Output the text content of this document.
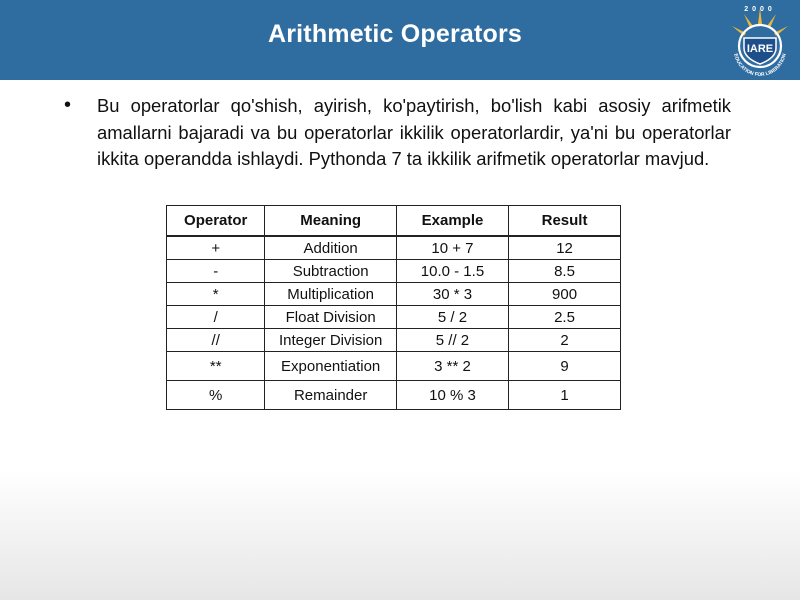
Arithmetic Operators
2000
IARE
EDUCATION FOR LIBERATION
• Bu operatorlar qo'shish, ayirish, ko'paytirish, bo'lish kabi asosiy arifmetik amallarni bajaradi va bu operatorlar ikkilik operatorlardir, ya'ni bu operatorlar ikkita operandda ishlaydi. Pythonda 7 ta ikkilik arifmetik operatorlar mavjud.
Operator	Meaning	Example	Result
+	Addition	10 + 7	12
-	Subtraction	10.0 - 1.5	8.5
*	Multiplication	30 * 3	900
/	Float Division	5 / 2	2.5
//	Integer Division	5 // 2	2
**	Exponentiation	3 ** 2	9
%	Remainder	10 % 3	1
